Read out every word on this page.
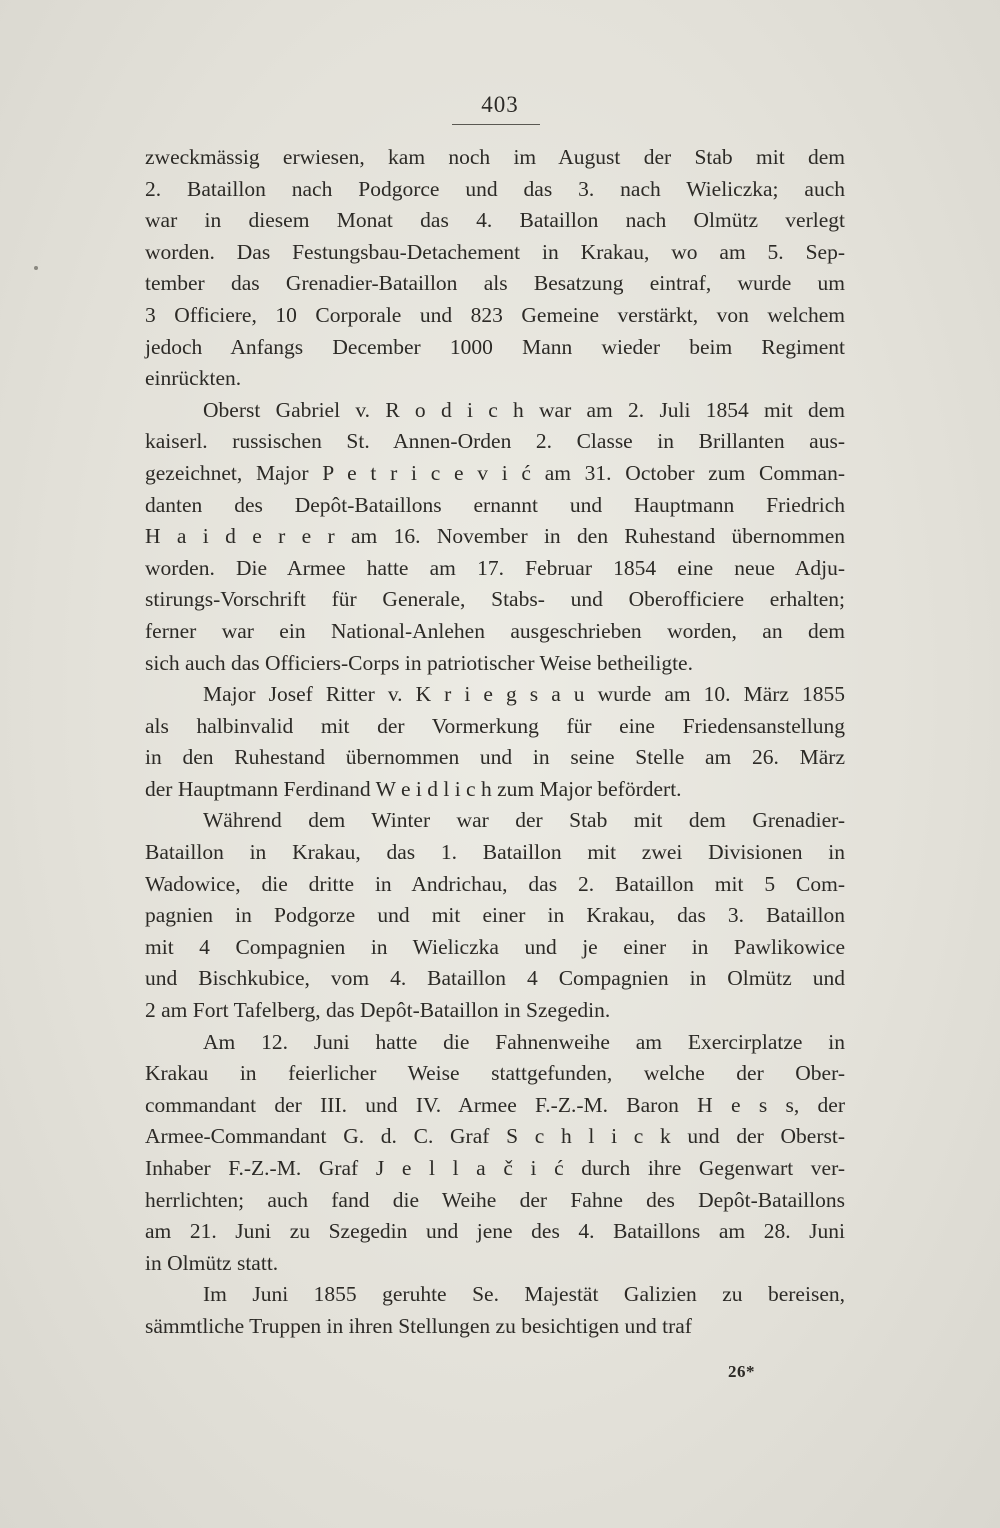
403
zweckmässig erwiesen, kam noch im August der Stab mit dem
2. Bataillon nach Podgorce und das 3. nach Wieliczka; auch
war in diesem Monat das 4. Bataillon nach Olmütz verlegt
worden. Das Festungsbau-Detachement in Krakau, wo am 5. Sep-
tember das Grenadier-Bataillon als Besatzung eintraf, wurde um
3 Officiere, 10 Corporale und 823 Gemeine verstärkt, von welchem
jedoch Anfangs December 1000 Mann wieder beim Regiment
einrückten.
Oberst Gabriel v. R o d i c h war am 2. Juli 1854 mit dem
kaiserl. russischen St. Annen-Orden 2. Classe in Brillanten aus-
gezeichnet, Major P e t r i c e v i ć am 31. October zum Comman-
danten des Depôt-Bataillons ernannt und Hauptmann Friedrich
H a i d e r e r am 16. November in den Ruhestand übernommen
worden. Die Armee hatte am 17. Februar 1854 eine neue Adju-
stirungs-Vorschrift für Generale, Stabs- und Oberofficiere erhalten;
ferner war ein National-Anlehen ausgeschrieben worden, an dem
sich auch das Officiers-Corps in patriotischer Weise betheiligte.
Major Josef Ritter v. K r i e g s a u wurde am 10. März 1855
als halbinvalid mit der Vormerkung für eine Friedensanstellung
in den Ruhestand übernommen und in seine Stelle am 26. März
der Hauptmann Ferdinand W e i d l i c h zum Major befördert.
Während dem Winter war der Stab mit dem Grenadier-
Bataillon in Krakau, das 1. Bataillon mit zwei Divisionen in
Wadowice, die dritte in Andrichau, das 2. Bataillon mit 5 Com-
pagnien in Podgorze und mit einer in Krakau, das 3. Bataillon
mit 4 Compagnien in Wieliczka und je einer in Pawlikowice
und Bischkubice, vom 4. Bataillon 4 Compagnien in Olmütz und
2 am Fort Tafelberg, das Depôt-Bataillon in Szegedin.
Am 12. Juni hatte die Fahnenweihe am Exercirplatze in
Krakau in feierlicher Weise stattgefunden, welche der Ober-
commandant der III. und IV. Armee F.-Z.-M. Baron H e s s, der
Armee-Commandant G. d. C. Graf S c h l i c k und der Oberst-
Inhaber F.-Z.-M. Graf J e l l a č i ć durch ihre Gegenwart ver-
herrlichten; auch fand die Weihe der Fahne des Depôt-Bataillons
am 21. Juni zu Szegedin und jene des 4. Bataillons am 28. Juni
in Olmütz statt.
Im Juni 1855 geruhte Se. Majestät Galizien zu bereisen,
sämmtliche Truppen in ihren Stellungen zu besichtigen und traf
26*
